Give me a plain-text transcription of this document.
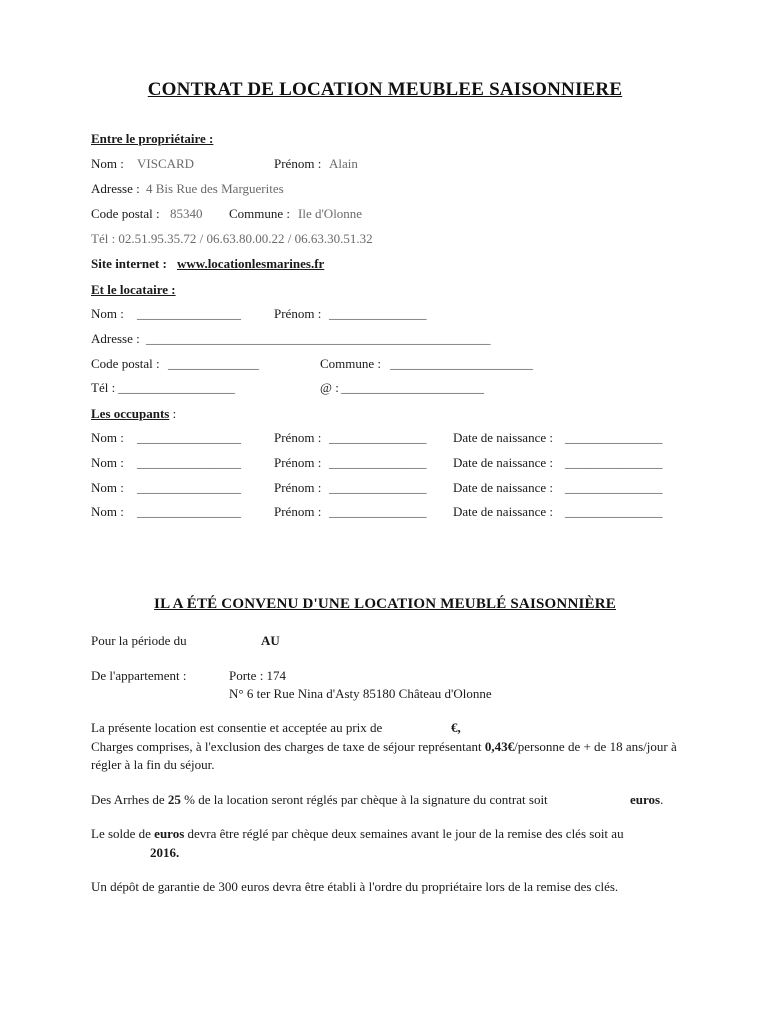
CONTRAT DE LOCATION MEUBLEE SAISONNIERE
Entre le propriétaire :
Nom : VISCARD	Prénom : Alain
Adresse : 4 Bis Rue des Marguerites
Code postal : 85340 Commune : Ile d'Olonne
Tél : 02.51.95.35.72 / 06.63.80.00.22 / 06.63.30.51.32
Site internet : www.locationlesmarines.fr
Et le locataire :
Nom : ________________	Prénom : _______________
Adresse : _____________________________________________________
Code postal : ______________	Commune : ______________________
Tél : __________________	@ : ______________________
Les occupants :
Nom : ________________	Prénom : _______________ Date de naissance : _______________
Nom : ________________	Prénom : _______________ Date de naissance : _______________
Nom : ________________	Prénom : _______________ Date de naissance : _______________
Nom : ________________	Prénom : _______________ Date de naissance : _______________
IL A ÉTÉ CONVENU D'UNE LOCATION MEUBLÉ SAISONNIÈRE
Pour la période du	AU
De l'appartement :	Porte : 174
N° 6 ter Rue Nina d'Asty 85180 Château d'Olonne
La présente location est consentie et acceptée au prix de	€,
Charges comprises, à l'exclusion des charges de taxe de séjour représentant 0,43€/personne de + de 18 ans/jour à régler à la fin du séjour.
Des Arrhes de 25 % de la location seront réglés par chèque à la signature du contrat soit	euros.
Le solde de euros devra être réglé par chèque deux semaines avant le jour de la remise des clés soit au
2016.
Un dépôt de garantie de 300 euros devra être établi à l'ordre du propriétaire lors de la remise des clés.
